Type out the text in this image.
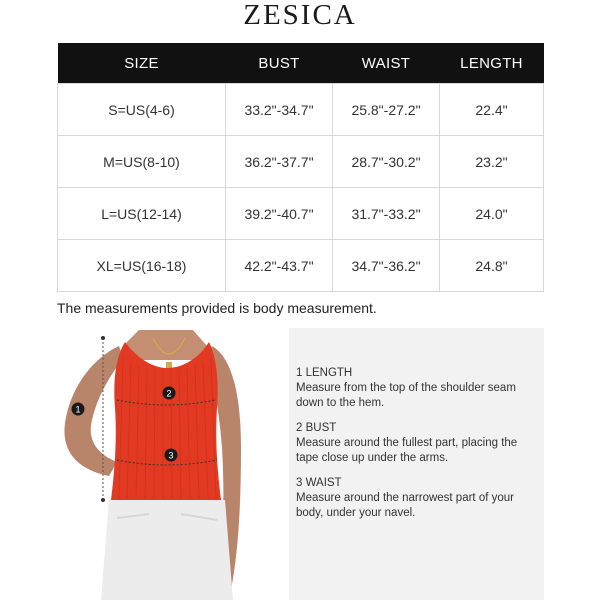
ZESICA
SIZE	BUST	WAIST	LENGTH
S=US(4-6)	33.2"-34.7"	25.8"-27.2"	22.4"
M=US(8-10)	36.2"-37.7"	28.7"-30.2"	23.2"
L=US(12-14)	39.2"-40.7"	31.7"-33.2"	24.0"
XL=US(16-18)	42.2"-43.7"	34.7"-36.2"	24.8"
The measurements provided is body measurement.
1
2
3
1 LENGTH
Measure from the top of the shoulder seam down to the hem.
2 BUST
Measure around the fullest part, placing the tape close up under the arms.
3 WAIST
Measure around the narrowest part of your body, under your navel.
